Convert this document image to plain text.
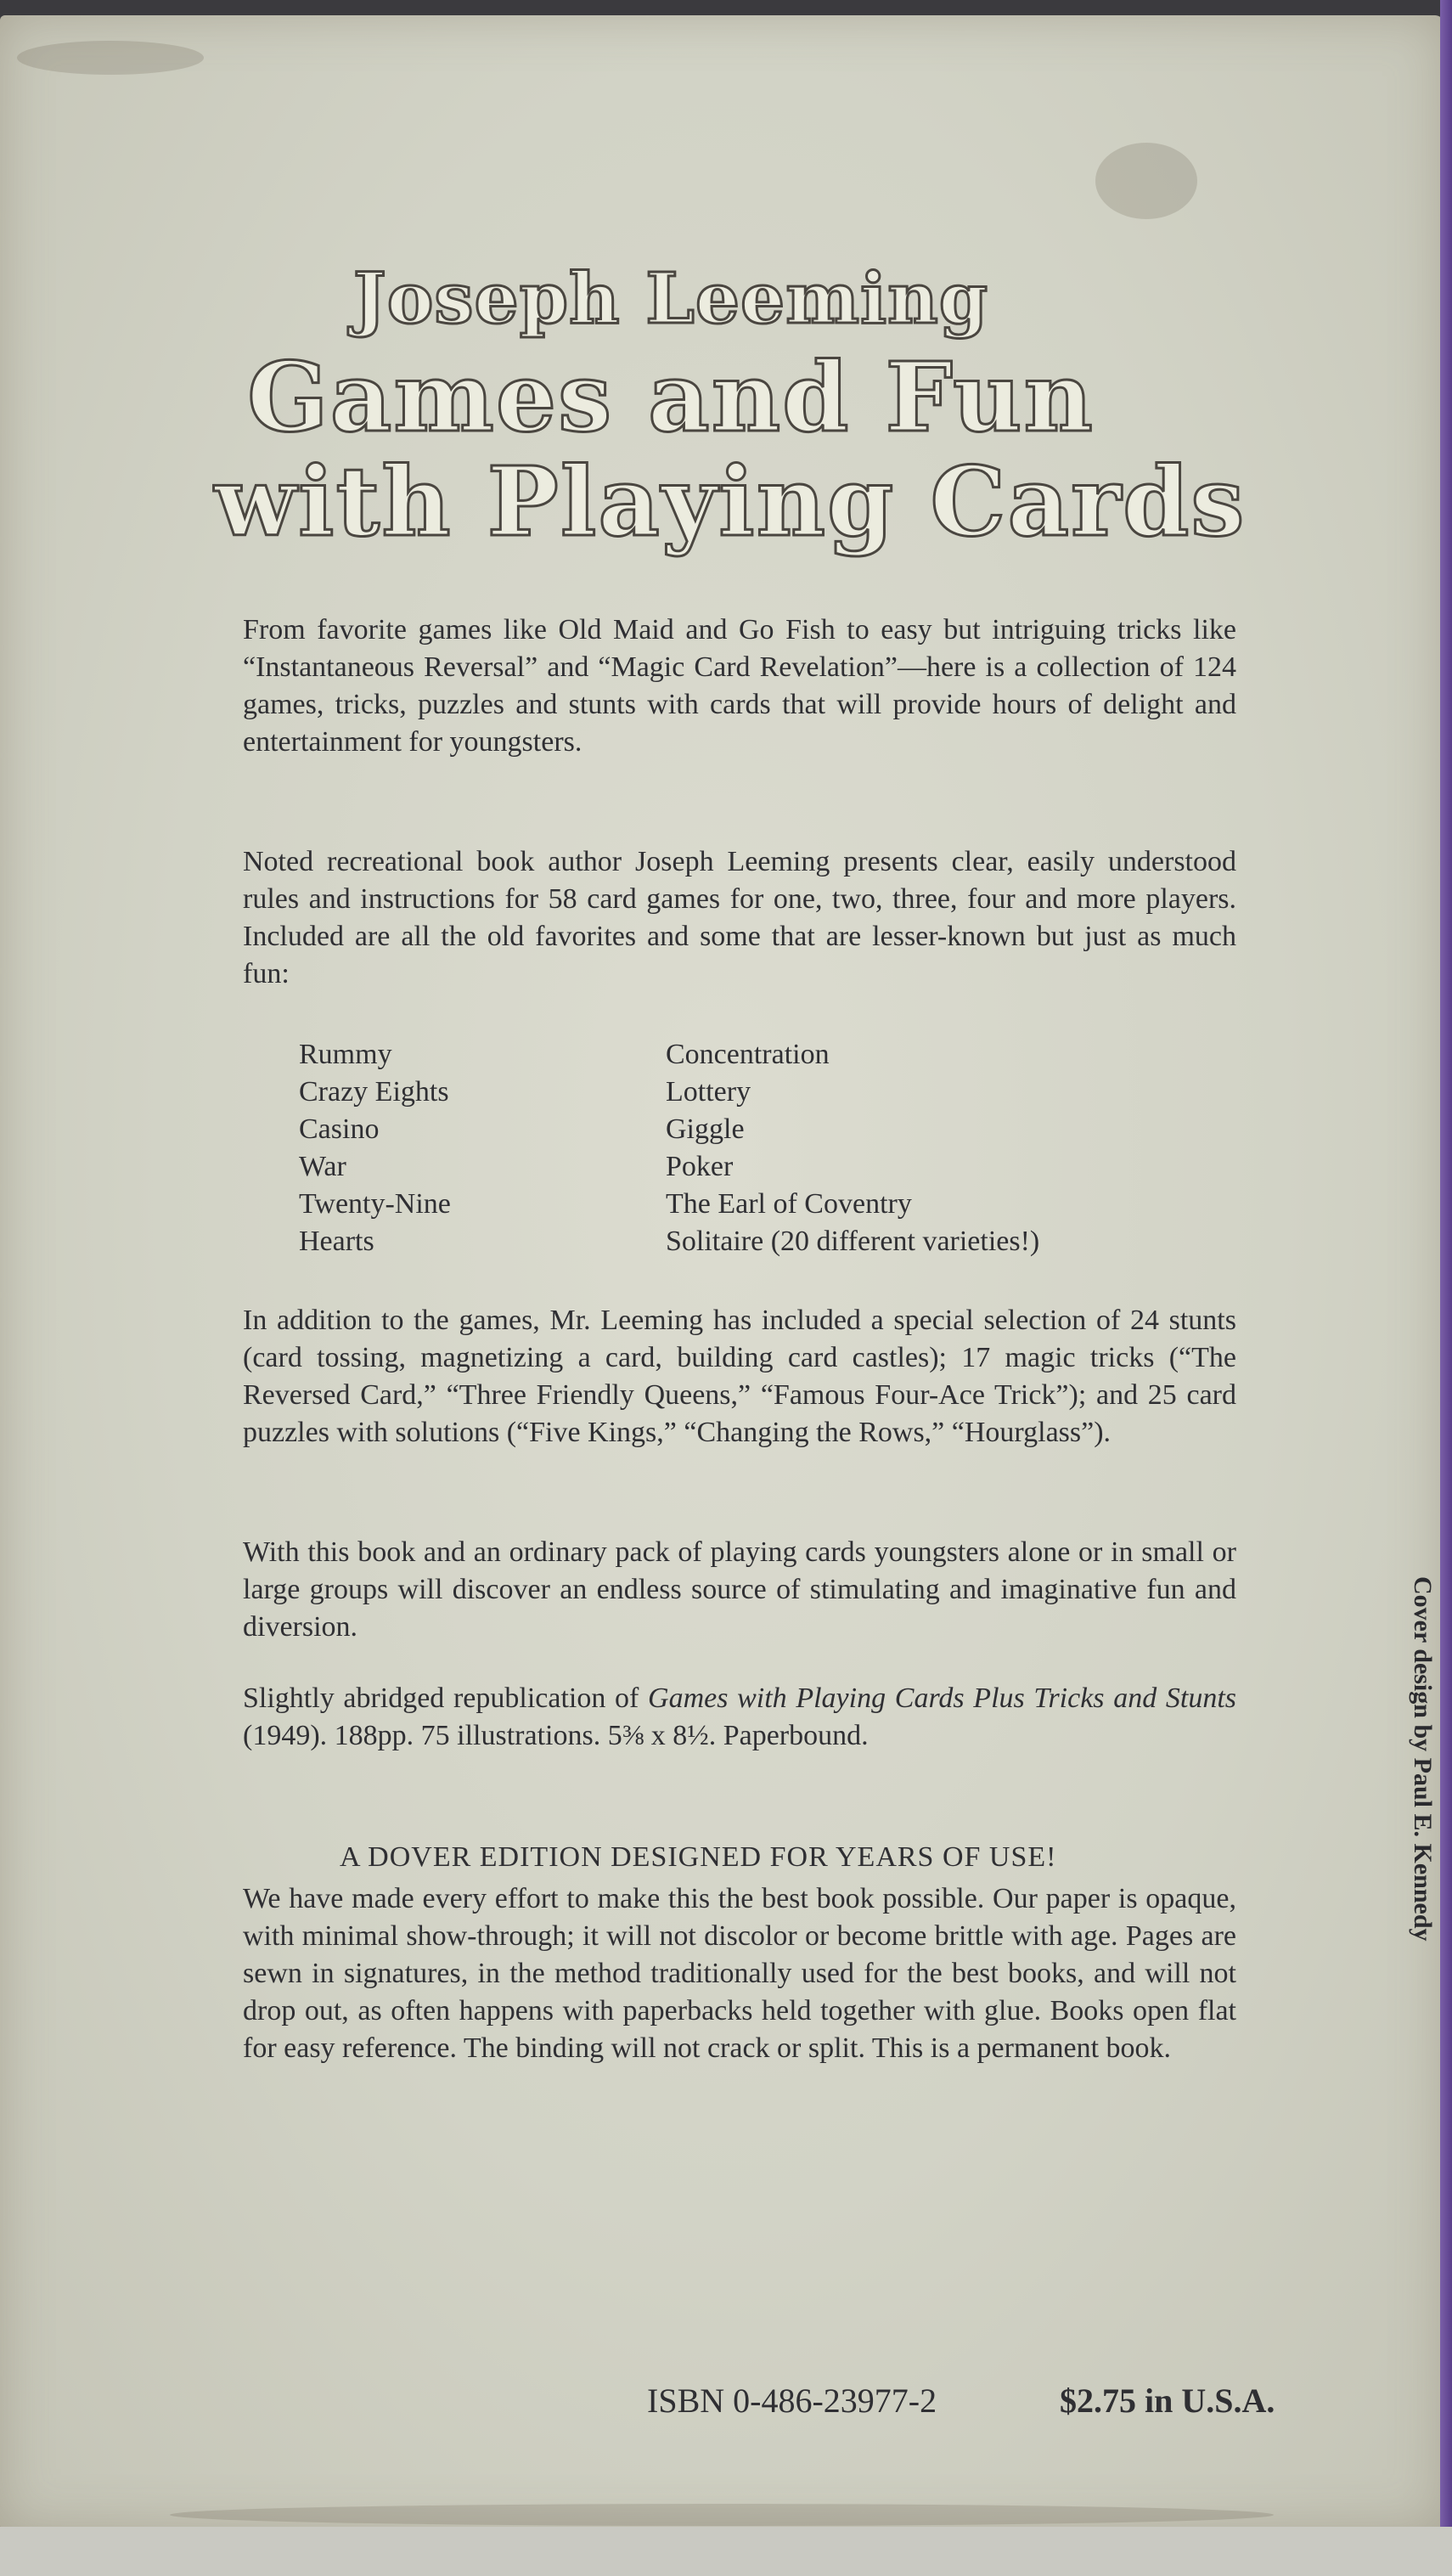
Joseph Leeming
Games and Fun
with Playing Cards
From favorite games like Old Maid and Go Fish to easy but intriguing tricks like “Instantaneous Reversal” and “Magic Card Revelation”—here is a collection of 124 games, tricks, puzzles and stunts with cards that will provide hours of delight and entertainment for youngsters.
Noted recreational book author Joseph Leeming presents clear, easily understood rules and instructions for 58 card games for one, two, three, four and more players. Included are all the old favorites and some that are lesser-known but just as much fun:
Rummy
Crazy Eights
Casino
War
Twenty-Nine
Hearts
Concentration
Lottery
Giggle
Poker
The Earl of Coventry
Solitaire (20 different varieties!)
In addition to the games, Mr. Leeming has included a special selection of 24 stunts (card tossing, magnetizing a card, building card castles); 17 magic tricks (“The Reversed Card,” “Three Friendly Queens,” “Famous Four-Ace Trick”); and 25 card puzzles with solutions (“Five Kings,” “Changing the Rows,” “Hourglass”).
With this book and an ordinary pack of playing cards youngsters alone or in small or large groups will discover an endless source of stimulating and imaginative fun and diversion.
Slightly abridged republication of Games with Playing Cards Plus Tricks and Stunts (1949). 188pp. 75 illustrations. 5⅜ x 8½. Paperbound.
A DOVER EDITION DESIGNED FOR YEARS OF USE!
We have made every effort to make this the best book possible. Our paper is opaque, with minimal show-through; it will not discolor or become brittle with age. Pages are sewn in signatures, in the method traditionally used for the best books, and will not drop out, as often happens with paperbacks held together with glue. Books open flat for easy reference. The binding will not crack or split. This is a permanent book.
Cover design by Paul E. Kennedy
ISBN 0-486-23977-2	$2.75 in U.S.A.
